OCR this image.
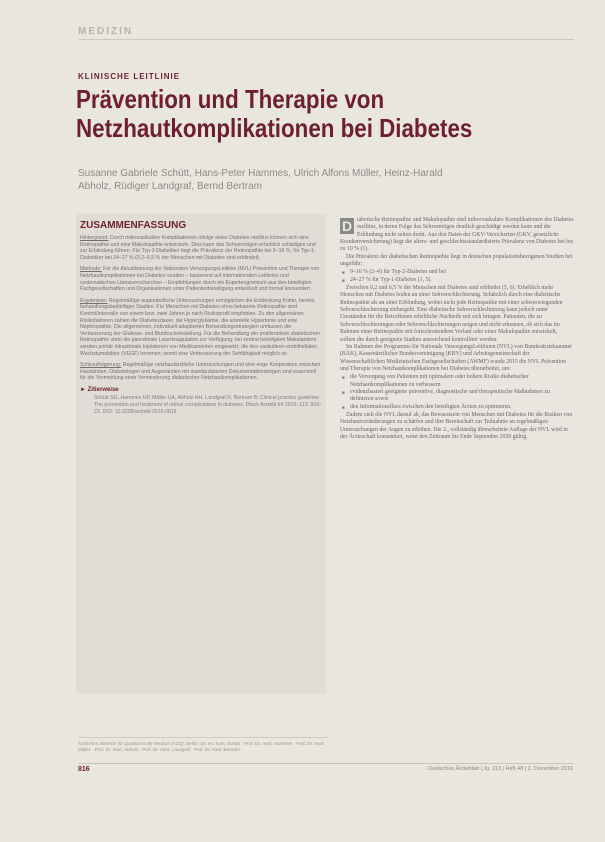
MEDIZIN
KLINISCHE LEITLINIE
Prävention und Therapie von Netzhautkomplikationen bei Diabetes

Susanne Gabriele Schütt, Hans-Peter Hammes, Ulrich Alfons Müller, Heinz-Harald Abholz, Rüdiger Landgraf, Bernd Bertram

ZUSAMMENFASSUNG

Hintergrund: Durch mikrovaskuläre Komplikationen infolge eines Diabetes mellitus können sich eine Retinopathie und eine Makulopathie entwickeln. Dies kann das Sehvermögen erheblich schädigen und zur Erblindung führen. Für Typ-2-Diabetiker liegt die Prävalenz der Retinopathie bei 9–16 %, für Typ-1-Diabetiker bei 24–27 % (0,2–6,5 % der Menschen mit Diabetes sind erblindet).

Methode: Für die Aktualisierung der Nationalen VersorgungsLeitlinie (NVL) Prävention und Therapie von Netzhautkomplikationen bei Diabetes wurden – basierend auf internationalen Leitlinien und systematischen Literaturrecherchen – Empfehlungen durch ein Expertengremium aus den beteiligten Fachgesellschaften und Organisationen unter Patientenbeteiligung entwickelt und formal konsentiert.

Ergebnisse: Regelmäßige augenärztliche Untersuchungen ermöglichen die Entdeckung früher, bereits behandlungsbedürftiger Stadien. Für Menschen mit Diabetes ohne bekannte Retinopathie sind Kontrollintervalle von einem bzw. zwei Jahren je nach Risikoprofil empfohlen. Zu den allgemeinen Risikofaktoren zählen die Diabetesdauer, die Hyperglykämie, die arterielle Hypertonie und eine Nephropathie. Die allgemeinen, individuell adaptierten Behandlungsstrategien umfassen die Verbesserung der Glukose- und Blutdruckeinstellung. Für die Behandlung der proliferativen diabetischen Retinopathie steht die panretinale Laserkoagulation zur Verfügung; bei zentral beteiligtem Makulaödem werden primär intravitreale Injektionen von Medikamenten eingesetzt, die den vaskulären endothelialen Wachstumsfaktor (VEGF) hemmen, womit eine Verbesserung der Sehfähigkeit möglich ist.

Schlussfolgerung: Regelmäßige netzhautärztliche Untersuchungen und eine enge Kooperation zwischen Hausärzten, Diabetologen und Augenärzten mit standardisierten Dokumentationsbögen sind essenziell für die Vermeidung einer Verminderung diabetischer Netzhautkomplikationen.

► Zitierweise
Schütt SG, Hammes HP, Müller UA, Abholz HH, Landgraf R, Bertram B: Clinical practice guideline: The prevention and treatment of retinal complications in diabetes. Dtsch Arztebl Int 2016; 113: 816–23. DOI: 10.3238/arztebl.2016.0816

D iabetische Retinopathie und Makulopathie sind mikrovaskuläre Komplikationen des Diabetes mellitus, in deren Folge das Sehvermögen deutlich geschädigt werden kann und die Erblindung nicht selten droht. Aus den Daten der GKV-Versicherten (GKV, gesetzliche Krankenversicherung) liegt die alters- und geschlechtsstandardisierte Prävalenz von Diabetes bei bis zu 10 % (1).

Die Prävalenz der diabetischen Retinopathie liegt in deutschen populationsbezogenen Studien bei ungefähr:

■ 9–16 % (2–4) für Typ-2-Diabetes und bei
■ 24–27 % für Typ-1-Diabetes (1, 5).

Zwischen 0,2 und 6,5 % der Menschen mit Diabetes sind erblindet (5, 6). Erheblich mehr Menschen mit Diabetes leiden an einer Sehverschlechterung. Schätzlich durch eine diabetische Retinopathie als an einer Erblindung, wobei nicht jede Retinopathie mit einer schwerwiegenden Sehverschlechterung einhergeht. Eine diabetische Sehverschlechterung kann jedoch unter Umständen für die Betroffenen erhebliche Nachteile mit sich bringen. Patienten, die zu Sehverschlechterungen oder Sehverschlechterungen neigen und nicht erkennen, ob sich das im Rahmen einer Retinopathie mit fortschreitendem Verlauf oder einer Makulopathie entwickelt, sollten die durch geeignete Stadien ausreichend kontrolliert werden.

Im Rahmen des Programms für Nationale VersorgungsLeitlinien (NVL) von Bundesärztekammer (BÄK), Kassenärztlicher Bundesvereinigung (KBV) und Arbeitsgemeinschaft der Wissenschaftlichen Medizinischen Fachgesellschaften (AWMF) wurde 2015 die NVL Prävention und Therapie von Netzhautkomplikationen bei Diabetes überarbeitet, um:

■ die Versorgung von Patienten mit optimalem oder hohem Risiko diabetischer Netzhautkomplikationen zu verbessern
■ evidenzbasiert geeignete präventive, diagnostische und therapeutische Maßnahmen zu definieren sowie
■ den Informationsfluss zwischen den beteiligten Ärzten zu optimieren.

Zudem zielt die NVL darauf ab, das Bewusstsein von Menschen mit Diabetes für die Risiken von Netzhautveränderungen zu schärfen und ihre Bereitschaft zur Teilnahme an regelmäßigen Untersuchungen der Augen zu erhöhen. Die 2., vollständig überarbeitete Auflage der NVL wird in der Ärzteschaft konsentiert, weist den Zeitraum bis Ende September 2020 gültig.

Ärztliches Zentrum für Qualität in der Medizin (ÄZQ), Berlin: Dr. rer. hum. Schütt · Prof. Dr. med. Hammes · Prof. Dr. med. Müller · Prof. Dr. med. Abholz · Prof. Dr. med. Landgraf · Prof. Dr. med. Bertram

816	Deutsches Ärzteblatt | Jg. 113 | Heft 48 | 2. Dezember 2016
